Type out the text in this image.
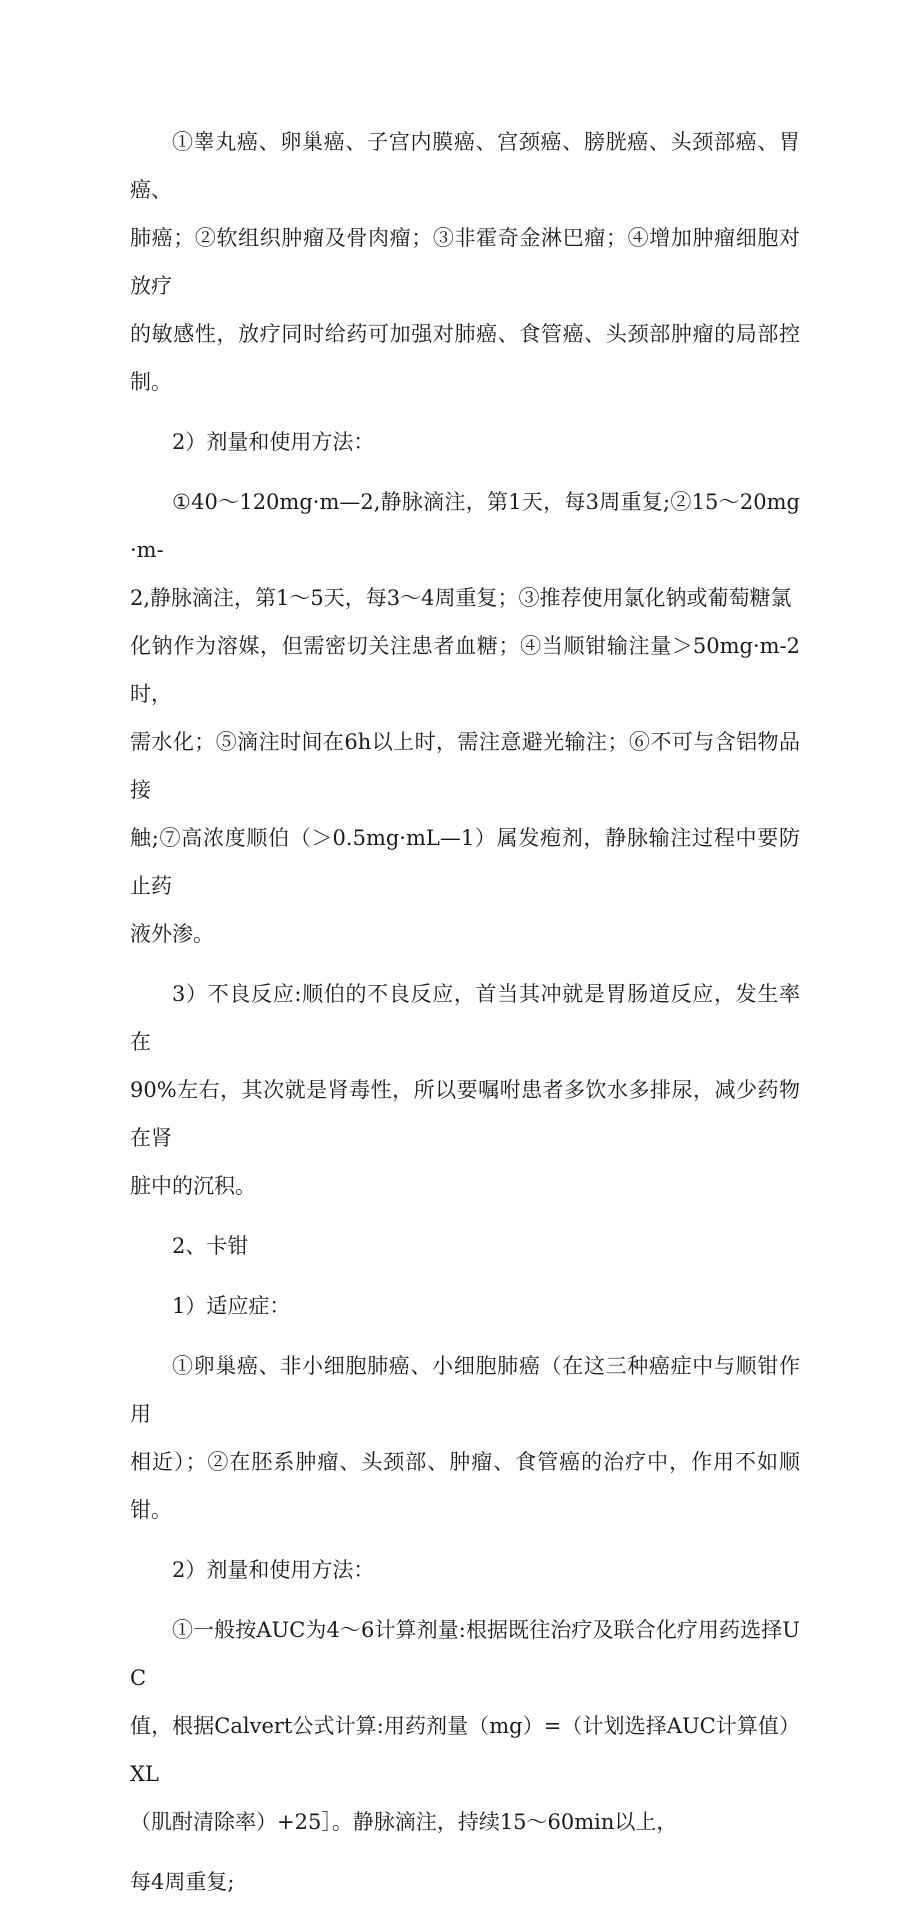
①睾丸癌、卵巢癌、子宫内膜癌、宫颈癌、膀胱癌、头颈部癌、胃癌、
肺癌；②软组织肿瘤及骨肉瘤；③非霍奇金淋巴瘤；④增加肿瘤细胞对放疗
的敏感性，放疗同时给药可加强对肺癌、食管癌、头颈部肿瘤的局部控制。

2）剂量和使用方法：

①40～120mg·m—2,静脉滴注，第1天，每3周重复;②15～20mg·m-
2,静脉滴注，第1～5天，每3～4周重复；③推荐使用氯化钠或葡萄糖氯
化钠作为溶媒，但需密切关注患者血糖；④当顺钳输注量＞50mg·m-2时，
需水化；⑤滴注时间在6h以上时，需注意避光输注；⑥不可与含铝物品接
触;⑦高浓度顺伯（＞0.5mg·mL—1）属发疱剂，静脉输注过程中要防止药
液外渗。

3）不良反应:顺伯的不良反应，首当其冲就是胃肠道反应，发生率在
90%左右，其次就是肾毒性，所以要嘱咐患者多饮水多排尿，减少药物在肾
脏中的沉积。

2、卡钳

1）适应症：

①卵巢癌、非小细胞肺癌、小细胞肺癌（在这三种癌症中与顺钳作用
相近）；②在胚系肿瘤、头颈部、肿瘤、食管癌的治疗中，作用不如顺钳。

2）剂量和使用方法：

①一般按AUC为4～6计算剂量:根据既往治疗及联合化疗用药选择UC
值，根据Calvert公式计算:用药剂量（mg）=（计划选择AUC计算值）XL
（肌酎清除率）+25］。静脉滴注，持续15～60min以上，

每4周重复;
